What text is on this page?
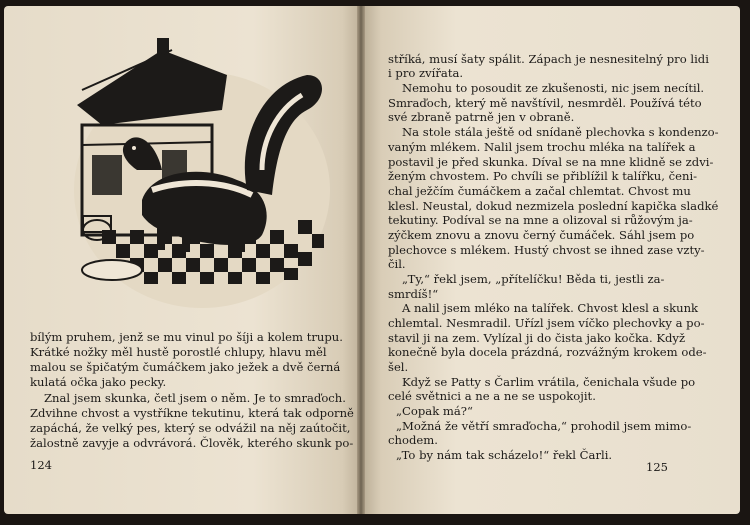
bílým pruhem, jenž se mu vinul po šíji a kolem trupu.
Krátké nožky měl hustě porostlé chlupy, hlavu měl
malou se špičatým čumáčkem jako ježek a dvě černá
kulatá očka jako pecky.
Znal jsem skunka, četl jsem o něm. Je to smraďoch.
Zdvihne chvost a vystříkne tekutinu, která tak odporně
zapáchá, že velký pes, který se odvážil na něj zaútočit,
žalostně zavyje a odvrávorá. Člověk, kterého skunk po-
124
stříká, musí šaty spálit. Zápach je nesnesitelný pro lidi
i pro zvířata.
Nemohu to posoudit ze zkušenosti, nic jsem necítil.
Smraďoch, který mě navštívil, nesmrděl. Používá této
své zbraně patrně jen v obraně.
Na stole stála ještě od snídaně plechovka s kondenzo-
vaným mlékem. Nalil jsem trochu mléka na talířek a
postavil je před skunka. Díval se na mne klidně se zdvi-
ženým chvostem. Po chvíli se přiblížil k talířku, čeni-
chal ježčím čumáčkem a začal chlemtat. Chvost mu
klesl. Neustal, dokud nezmizela poslední kapička sladké
tekutiny. Podíval se na mne a olizoval si růžovým ja-
zýčkem znovu a znovu černý čumáček. Sáhl jsem po
plechovce s mlékem. Hustý chvost se ihned zase vzty-
čil.
„Ty,“ řekl jsem, „přítelíčku! Běda ti, jestli za-
smrdíš!“
A nalil jsem mléko na talířek. Chvost klesl a skunk
chlemtal. Nesmradil. Uřízl jsem víčko plechovky a po-
stavil ji na zem. Vylízal ji do čista jako kočka. Když
konečně byla docela prázdná, rozvážným krokem ode-
šel.
Když se Patty s Čarlim vrátila, čenichala všude po
celé světnici a ne a ne se uspokojit.
„Copak má?“
„Možná že větří smraďocha,“ prohodil jsem mimo-
chodem.
„To by nám tak scházelo!“ řekl Čarli.
125
